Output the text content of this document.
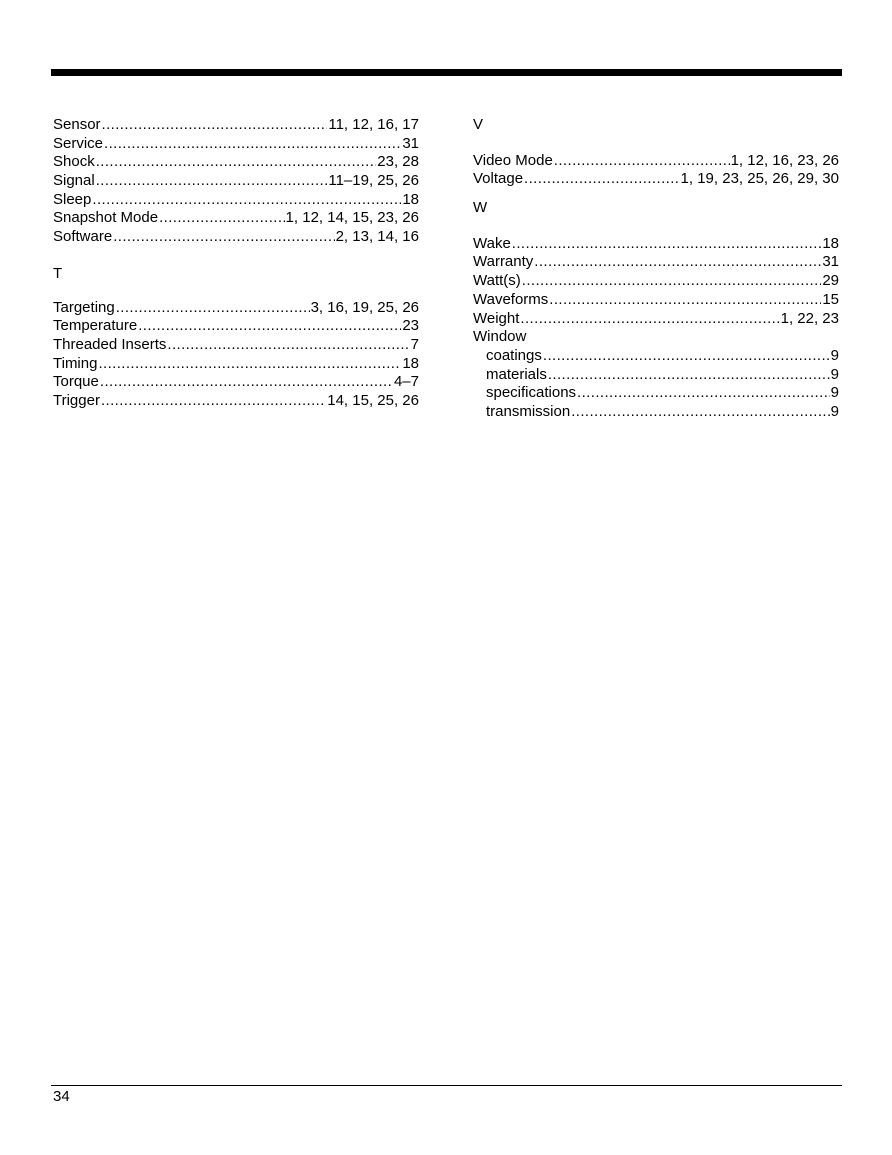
Sensor .....	11, 12, 16, 17
Service .....	31
Shock .....	23, 28
Signal .....	11–19, 25, 26
Sleep .....	18
Snapshot Mode .....	1, 12, 14, 15, 23, 26
Software .....	2, 13, 14, 16
T
Targeting .....	3, 16, 19, 25, 26
Temperature .....	23
Threaded Inserts .....	7
Timing .....	18
Torque .....	4–7
Trigger .....	14, 15, 25, 26
V
Video Mode .....	1, 12, 16, 23, 26
Voltage .....	1, 19, 23, 25, 26, 29, 30
W
Wake .....	18
Warranty .....	31
Watt(s) .....	29
Waveforms .....	15
Weight .....	1, 22, 23
Window
coatings .....	9
materials .....	9
specifications .....	9
transmission .....	9
34
